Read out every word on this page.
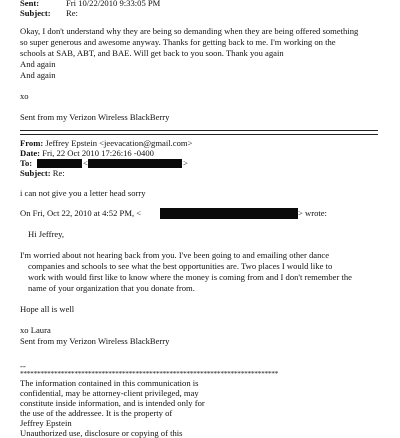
Sent:	Fri 10/22/2010 9:33:05 PM
Subject: Re:
Okay, I don't understand why they are being so demanding when they are being offered something
so super generous and awesome anyway. Thanks for getting back to me. I'm working on the
schools at SAB, ABT, and BAE. Will get back to you soon. Thank you again
And again
And again
xo
Sent from my Verizon Wireless BlackBerry
From: Jeffrey Epstein <jeevacation@gmail.com>
Date: Fri, 22 Oct 2010 17:26:16 -0400
To:	<	>
Subject: Re:
i can not give you a letter head sorry
On Fri, Oct 22, 2010 at 4:52 PM, <	> wrote:
Hi Jeffrey,
I'm worried about not hearing back from you. I've been going to and emailing other dance
companies and schools to see what the best opportunities are. Two places I would like to
work with would first like to know where the money is coming from and I don't remember the
name of your organization that you donate from.
Hope all is well
xo Laura
Sent from my Verizon Wireless BlackBerry
--
****************************************************************************
The information contained in this communication is
confidential, may be attorney-client privileged, may
constitute inside information, and is intended only for
the use of the addressee. It is the property of
Jeffrey Epstein
Unauthorized use, disclosure or copying of this
